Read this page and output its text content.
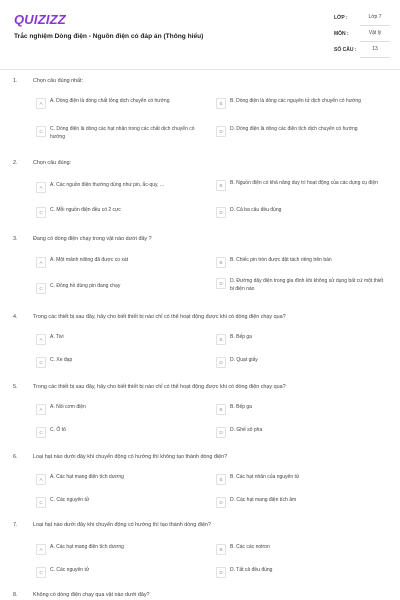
QUIZIZZ
Trắc nghiệm Dòng điện - Nguồn điện có đáp án (Thông hiểu)
LỚP :	Lớp 7
MÔN :	Vật lý
SỐ CÂU :	13
1.	Chọn câu đúng nhất:
A	A. Dòng điện là dòng chất lỏng dịch chuyển có hướng	B	B. Dòng điện là dòng các nguyên tử dịch chuyển có hướng
C	C. Dòng điện là dòng các hạt nhân trong các chất dịch chuyển có hướng
D	D. Dòng điện là dòng các điện tích dịch chuyển có hướng
2.	Chọn câu đúng:
A	A. Các nguồn điện thường dùng như pin, ắc-quy, ...	B	B. Nguồn điện có khả năng duy trì hoạt động của các dụng cụ điện
C	C. Mỗi nguồn điện đều có 2 cực	D	D. Cả ba câu đều đúng
3.	Đang có dòng điện chạy trong vật nào dưới đây ?
A	A. Một mảnh nilông đã được cọ xát	B	B. Chiếc pin tròn được đặt tách riêng trên bàn
C	C. Đồng hồ dùng pin đang chạy	D	D. Đường dây điện trong gia đình khi không sử dụng bất cứ một thiết bị điện nào
4.	Trong các thiết bị sau đây, hãy cho biết thiết bị nào chỉ có thể hoạt động được khi có dòng điện chạy qua?
A	A. Tivi	B	B. Bếp ga
C	C. Xe đạp	D	D. Quạt giấy
5.	Trong các thiết bị sau đây, hãy cho biết thiết bị nào chỉ có thể hoạt động được khi có dòng điện chạy qua?
A	A. Nồi cơm điện	B	B. Bếp ga
C	C. Ô tô	D	D. Ghế sô pha
6.	Loại hạt nào dưới đây khi chuyển động có hướng thì không tạo thành dòng điện?
A	A. Các hạt mang điện tích dương	B	B. Các hạt nhân của nguyên tử
C	C. Các nguyên tử	D	D. Các hạt mang điện tích âm
7.	Loại hạt nào dưới đây khi chuyển động có hướng thì tạo thành dòng điện?
A	A. Các hạt mang điện tích dương	B	B. Các các notron
C	C. Các nguyên tử	D	D. Tất cả đều đúng
8.	Không có dòng điện chạy qua vật nào dưới đây?
